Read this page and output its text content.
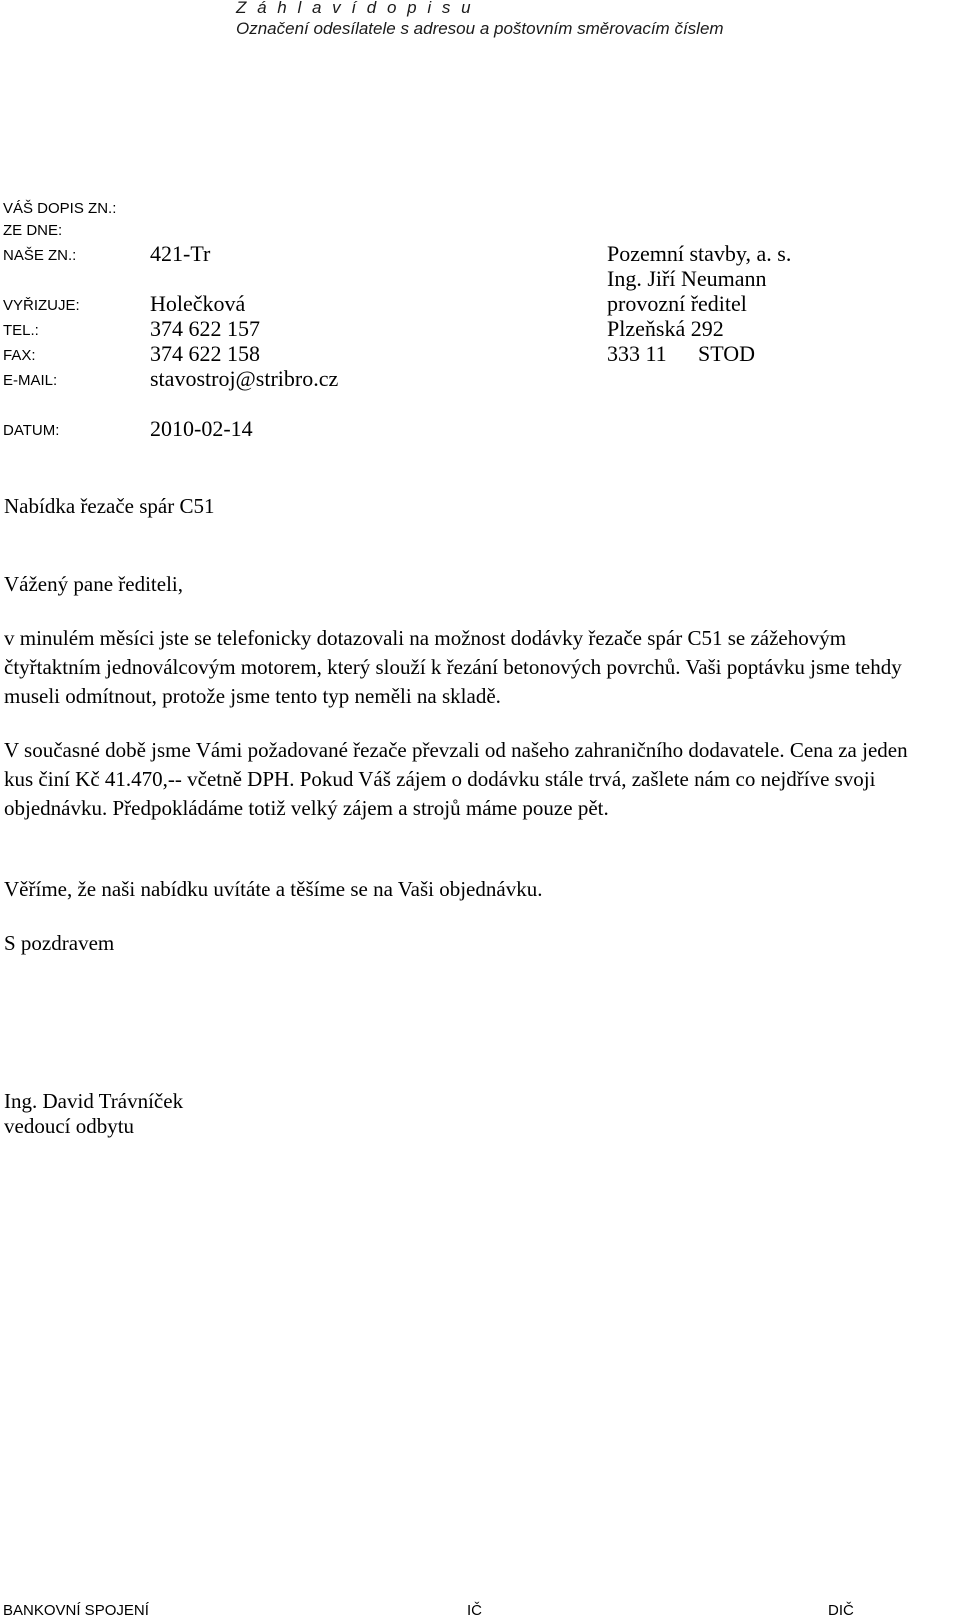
Z á h l a v í d o p i s u
Označení odesílatele s adresou a poštovním směrovacím číslem
VÁŠ DOPIS ZN.:
ZE DNE:
NAŠE ZN.:	421-Tr
VYŘIZUJE:	Holečková
TEL.:	374 622 157
FAX:	374 622 158
E-MAIL:	stavostroj@stribro.cz
DATUM:	2010-02-14
Pozemní stavby, a. s.
Ing. Jiří Neumann
provozní ředitel
Plzeňská 292
333 11 STOD
Nabídka řezače spár C51
Vážený pane řediteli,

v minulém měsíci jste se telefonicky dotazovali na možnost dodávky řezače spár C51 se zážehovým čtyřtaktním jednoválcovým motorem, který slouží k řezání betonových povrchů. Vaši poptávku jsme tehdy museli odmítnout, protože jsme tento typ neměli na skladě.

V současné době jsme Vámi požadované řezače převzali od našeho zahraničního dodavatele. Cena za jeden kus činí Kč 41.470,-- včetně DPH. Pokud Váš zájem o dodávku stále trvá, zašlete nám co nejdříve svoji objednávku. Předpokládáme totiž velký zájem a strojů máme pouze pět.

Věříme, že naši nabídku uvítáte a těšíme se na Vaši objednávku.

S pozdravem
Ing. David Trávníček
vedoucí odbytu
BANKOVNÍ SPOJENÍ	IČ	DIČ
